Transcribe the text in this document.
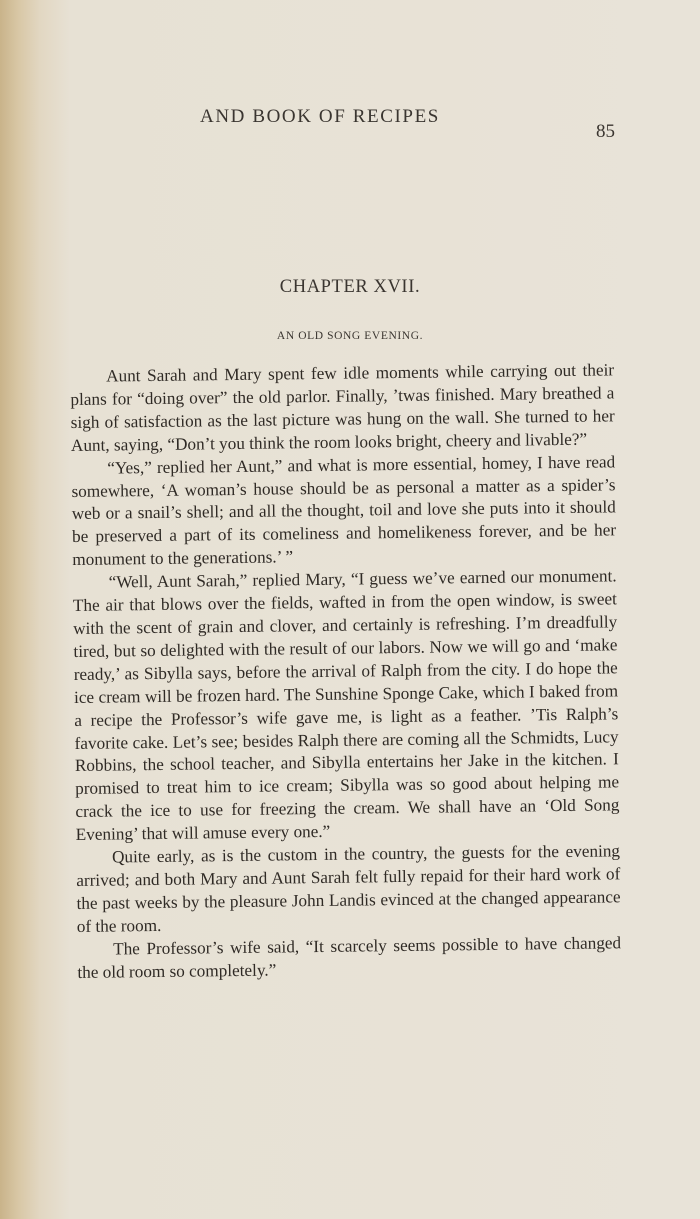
AND BOOK OF RECIPES
85
CHAPTER XVII.
AN OLD SONG EVENING.

Aunt Sarah and Mary spent few idle moments while carrying out their plans for “doing over” the old parlor. Finally, ’twas finished. Mary breathed a sigh of satisfaction as the last picture was hung on the wall. She turned to her Aunt, saying, “Don’t you think the room looks bright, cheery and livable?”

“Yes,” replied her Aunt,” and what is more essential, homey, I have read somewhere, ‘A woman’s house should be as personal a matter as a spider’s web or a snail’s shell; and all the thought, toil and love she puts into it should be preserved a part of its comeliness and homelikeness forever, and be her monument to the generations.’ ”

“Well, Aunt Sarah,” replied Mary, “I guess we’ve earned our monument. The air that blows over the fields, wafted in from the open window, is sweet with the scent of grain and clover, and certainly is refreshing. I’m dreadfully tired, but so delighted with the result of our labors. Now we will go and ‘make ready,’ as Sibylla says, before the arrival of Ralph from the city. I do hope the ice cream will be frozen hard. The Sunshine Sponge Cake, which I baked from a recipe the Professor’s wife gave me, is light as a feather. ’Tis Ralph’s favorite cake. Let’s see; besides Ralph there are coming all the Schmidts, Lucy Robbins, the school teacher, and Sibylla entertains her Jake in the kitchen. I promised to treat him to ice cream; Sibylla was so good about helping me crack the ice to use for freezing the cream. We shall have an ‘Old Song Evening’ that will amuse every one.”

Quite early, as is the custom in the country, the guests for the evening arrived; and both Mary and Aunt Sarah felt fully repaid for their hard work of the past weeks by the pleasure John Landis evinced at the changed appearance of the room.

The Professor’s wife said, “It scarcely seems possible to have changed the old room so completely.”
